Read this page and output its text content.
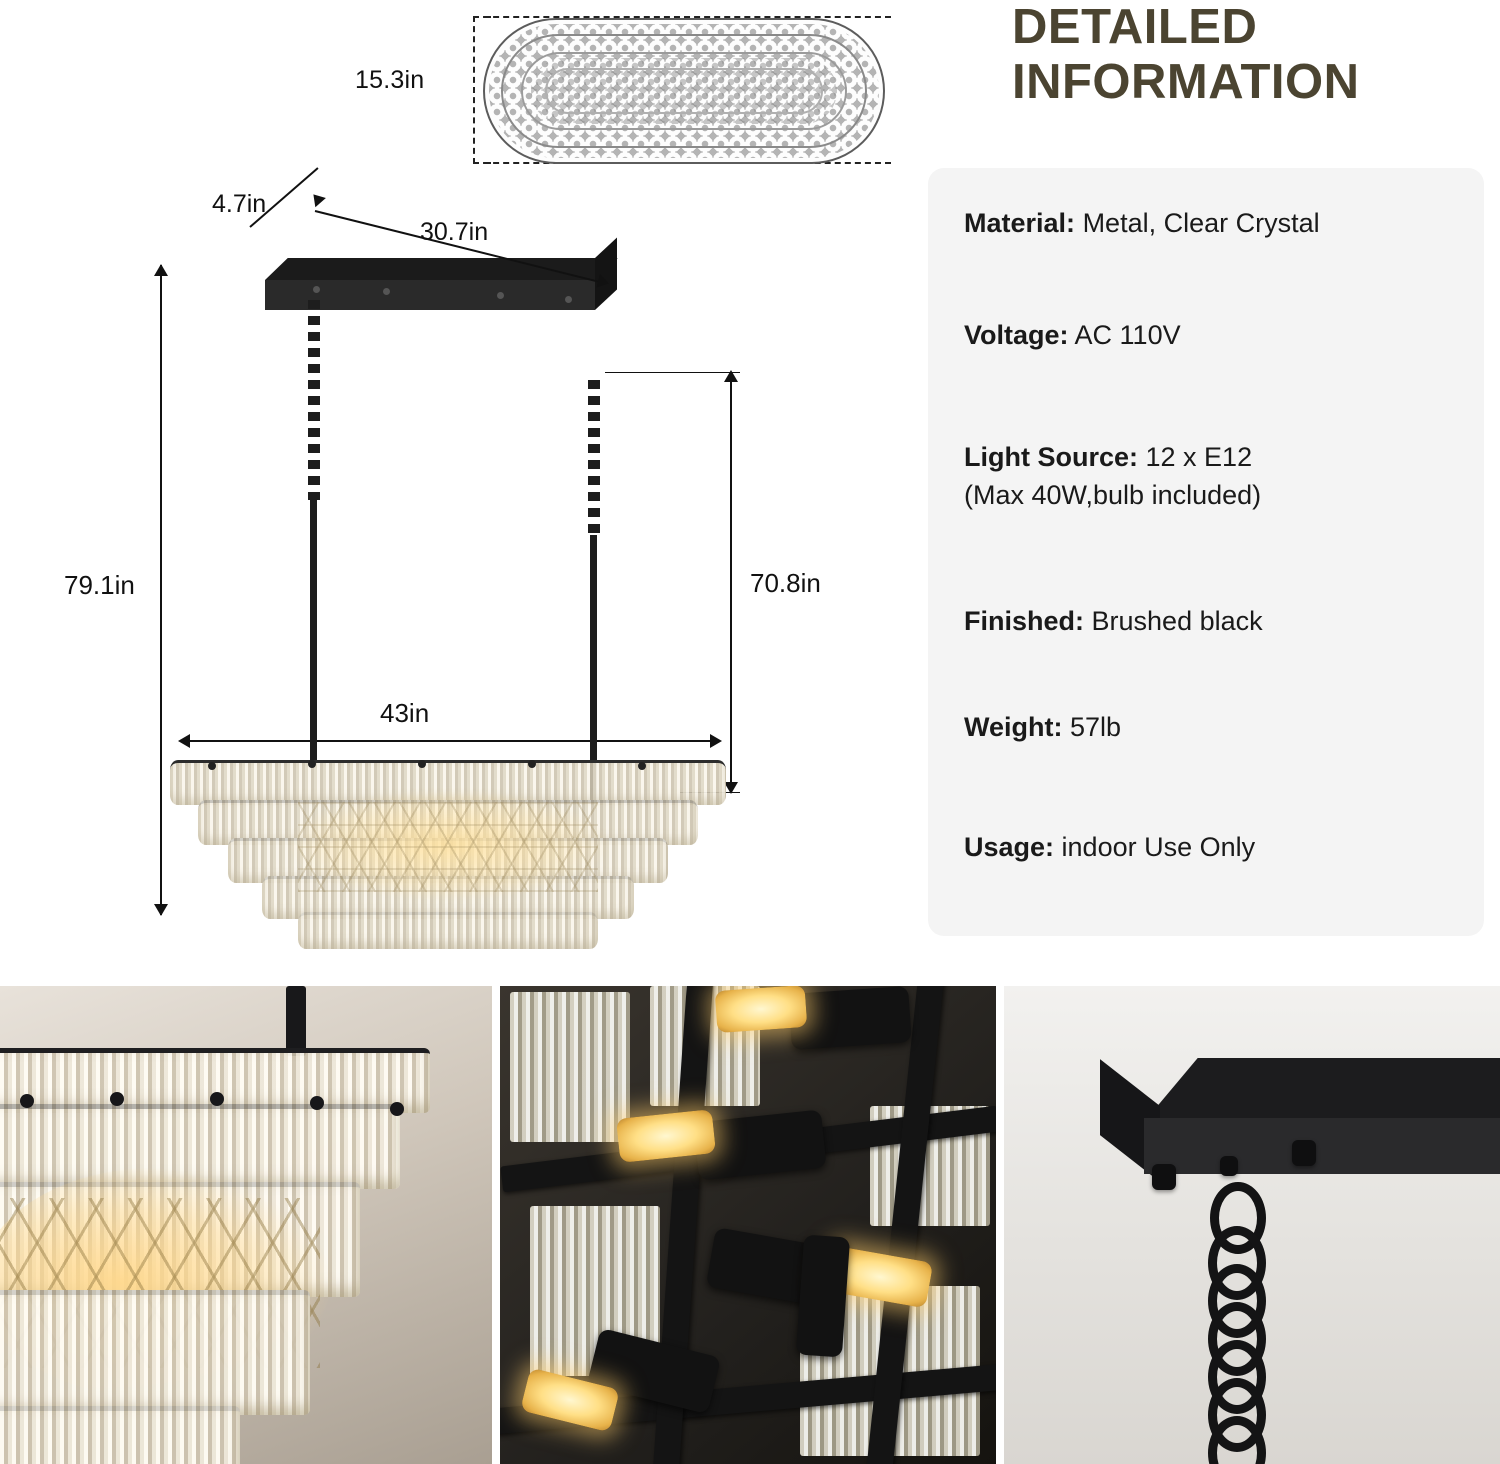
15.3in
79.1in	70.8in
43in
30.7in
4.7in
DETAILED
INFORMATION
Material: Metal, Clear Crystal
Voltage: AC 110V
Light Source: 12 x E12
(Max 40W,bulb included)
Finished: Brushed black
Weight: 57lb
Usage: indoor Use Only
